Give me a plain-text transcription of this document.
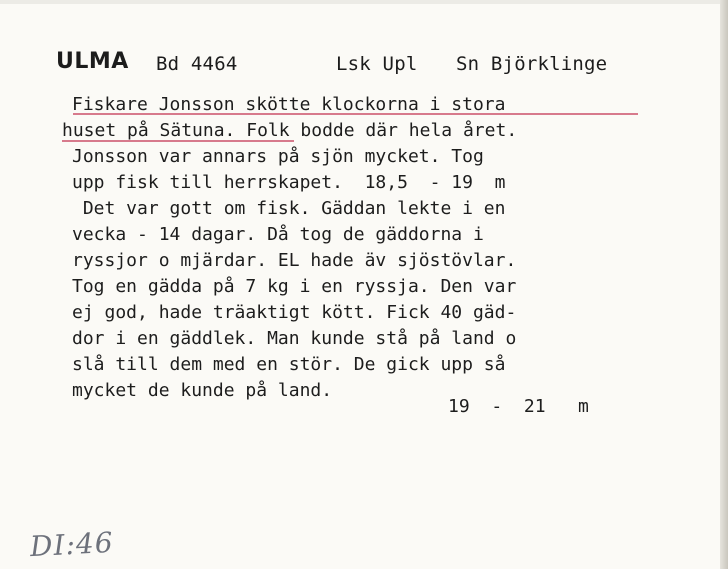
ULMA Bd 4464	Lsk Upl Sn Björklinge
Fiskare Jonsson skötte klockorna i stora
huset på Sätuna. Folk bodde där hela året.
Jonsson var annars på sjön mycket. Tog
upp fisk till herrskapet.  18,5  - 19  m
Det var gott om fisk. Gäddan lekte i en
vecka - 14 dagar. Då tog de gäddorna i
ryssjor o mjärdar. EL hade äv sjöstövlar.
Tog en gädda på 7 kg i en ryssja. Den var
ej god, hade träaktigt kött. Fick 40 gäd-
dor i en gäddlek. Man kunde stå på land o
slå till dem med en stör. De gick upp så
mycket de kunde på land.
19  -  21   m
DI:46
